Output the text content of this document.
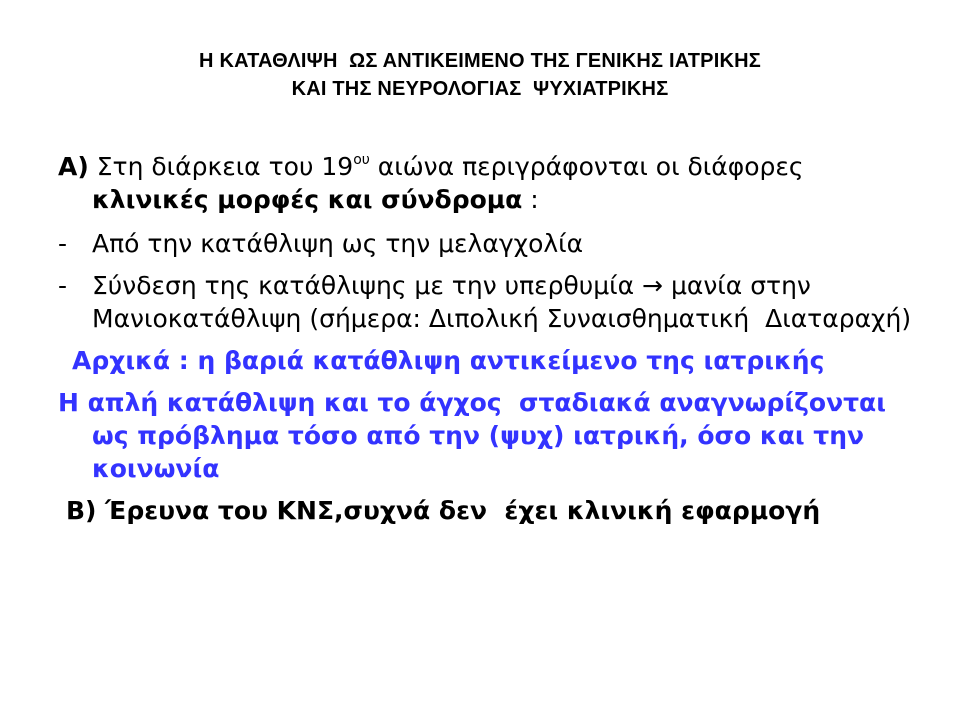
Η ΚΑΤΑΘΛΙΨΗ  ΩΣ ΑΝΤΙΚΕΙΜΕΝΟ ΤΗΣ ΓΕΝΙΚΗΣ ΙΑΤΡΙΚΗΣ
ΚΑΙ ΤΗΣ ΝΕΥΡΟΛΟΓΙΑΣ  ΨΥΧΙΑΤΡΙΚΗΣ

Α) Στη διάρκεια του $19^{o\upsilon}$ αιώνα περιγράφονται οι διάφορες κλινικές μορφές και σύνδρομα :

- Από την κατάθλιψη ως την μελαγχολία

- Σύνδεση της κατάθλιψης με την υπερθυμία → μανία στην Μανιοκατάθλιψη (σήμερα: Διπολική Συναισθηματική  Διαταραχή)

Αρχικά : η βαριά κατάθλιψη αντικείμενο της ιατρικής

Η απλή κατάθλιψη και το άγχος  σταδιακά αναγνωρίζονται ως πρόβλημα τόσο από την (ψυχ) ιατρική, όσο και την κοινωνία

Β) Έρευνα του ΚΝΣ,συχνά δεν  έχει κλινική εφαρμογή
